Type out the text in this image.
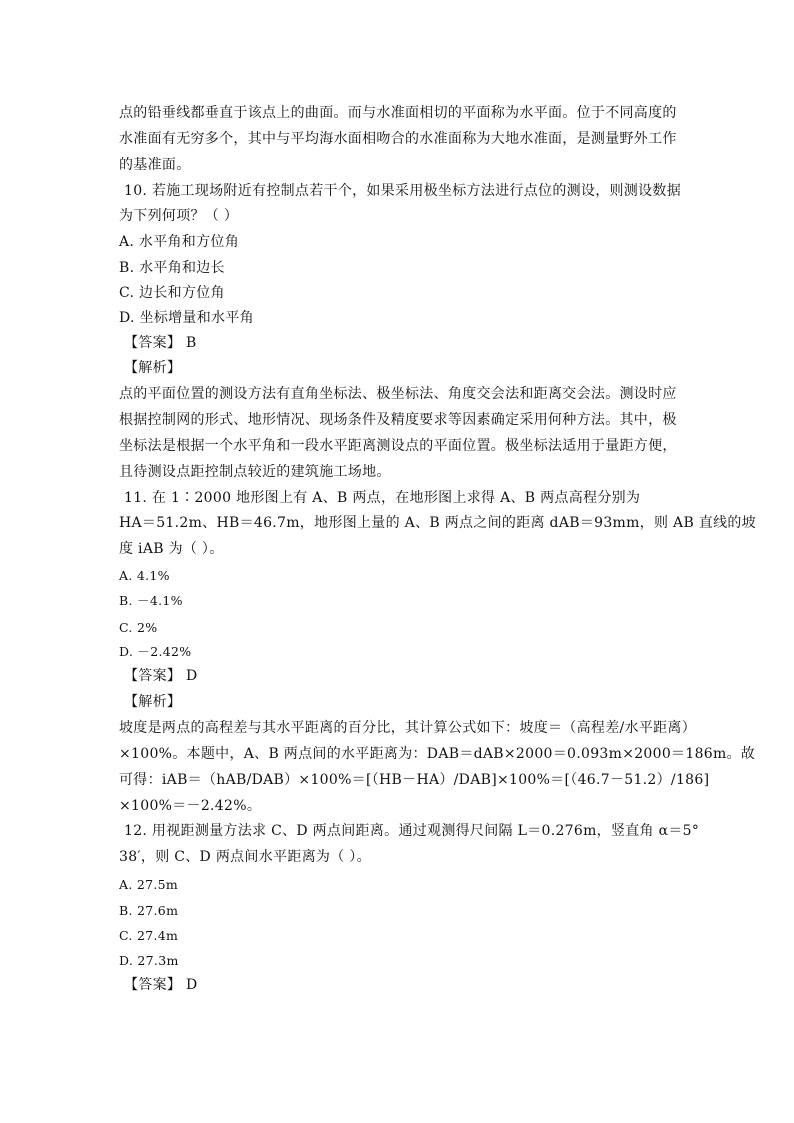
点的铅垂线都垂直于该点上的曲面。而与水准面相切的平面称为水平面。位于不同高度的
水准面有无穷多个，其中与平均海水面相吻合的水准面称为大地水准面，是测量野外工作
的基准面。
10. 若施工现场附近有控制点若干个，如果采用极坐标方法进行点位的测设，则测设数据
为下列何项？（ ）
A. 水平角和方位角
B. 水平角和边长
C. 边长和方位角
D. 坐标增量和水平角
【答案】 B
【解析】
点的平面位置的测设方法有直角坐标法、极坐标法、角度交会法和距离交会法。测设时应
根据控制网的形式、地形情况、现场条件及精度要求等因素确定采用何种方法。其中，极
坐标法是根据一个水平角和一段水平距离测设点的平面位置。极坐标法适用于量距方便，
且待测设点距控制点较近的建筑施工场地。
11. 在 1∶2000 地形图上有 A、B 两点，在地形图上求得 A、B 两点高程分别为
HA＝51.2m、HB＝46.7m，地形图上量的 A、B 两点之间的距离 dAB＝93mm，则 AB 直线的坡
度 iAB 为（ ）。
A. 4.1%
B. －4.1%
C. 2%
D. －2.42%
【答案】 D
【解析】
坡度是两点的高程差与其水平距离的百分比，其计算公式如下：坡度＝（高程差/水平距离）
×100%。本题中，A、B 两点间的水平距离为：DAB＝dAB×2000＝0.093m×2000＝186m。故
可得：iAB＝（hAB/DAB）×100%＝[（HB－HA）/DAB]×100%＝[（46.7－51.2）/186]
×100%＝－2.42%。
12. 用视距测量方法求 C、D 两点间距离。通过观测得尺间隔 L＝0.276m，竖直角 α＝5°
38′，则 C、D 两点间水平距离为（ ）。
A. 27.5m
B. 27.6m
C. 27.4m
D. 27.3m
【答案】 D
